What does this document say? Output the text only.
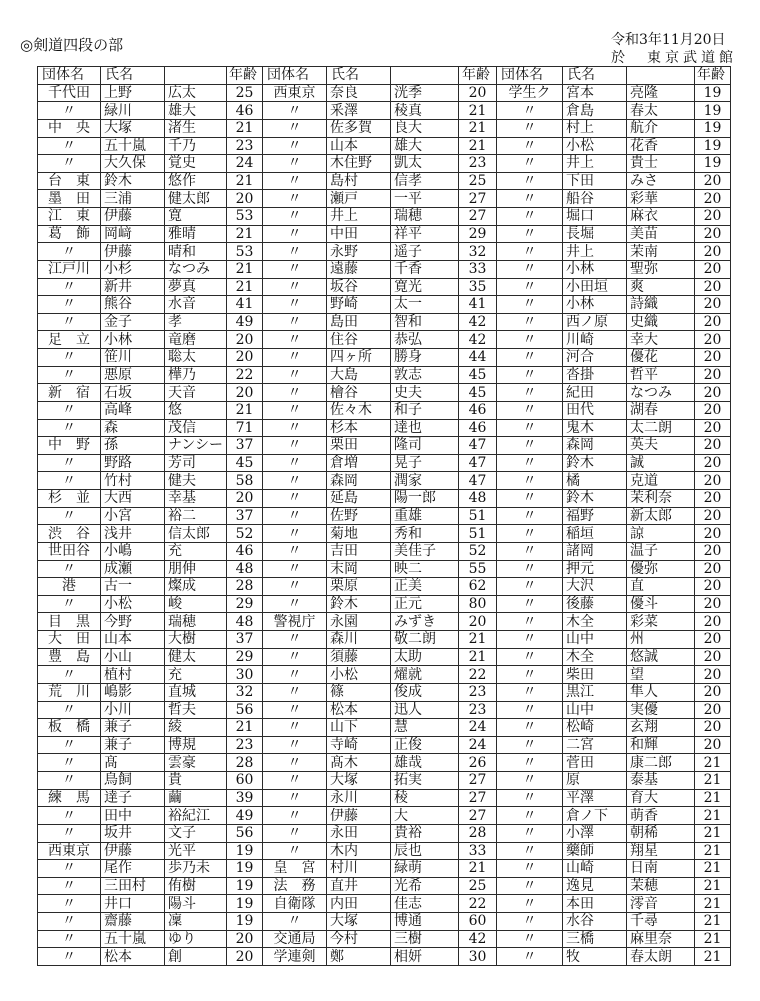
◎剣道四段の部	令和3年11月20日
於　東京武道館
団体名	氏名		年齢	団体名	氏名		年齢	団体名	氏名		年齢
千代田	上野	広太	25	西東京	奈良	洸季	20	学生ク	宮本	亮隆	19
〃	緑川	雄大	46	〃	釆澤	稜真	21	〃	倉島	春太	19
中　央	大塚	渚生	21	〃	佐多賀	良大	21	〃	村上	航介	19
〃	五十嵐	千乃	23	〃	山本	雄大	21	〃	小松	花香	19
〃	大久保	覚史	24	〃	木住野	凱太	23	〃	井上	貴士	19
台　東	鈴木	悠作	21	〃	島村	信孝	25	〃	下田	みさ	20
墨　田	三浦	健太郎	20	〃	瀬戸	一平	27	〃	船谷	彩華	20
江　東	伊藤	寛	53	〃	井上	瑞穂	27	〃	堀口	麻衣	20
葛　飾	岡﨑	雅晴	21	〃	中田	祥平	29	〃	長堀	美苗	20
〃	伊藤	晴和	53	〃	永野	遥子	32	〃	井上	茉南	20
江戸川	小杉	なつみ	21	〃	遠藤	千香	33	〃	小林	聖弥	20
〃	新井	夢真	21	〃	坂谷	寛光	35	〃	小田垣	爽	20
〃	熊谷	水音	41	〃	野崎	太一	41	〃	小林	詩織	20
〃	金子	孝	49	〃	島田	智和	42	〃	西ノ原	史織	20
足　立	小林	竜磨	20	〃	住谷	恭弘	42	〃	川崎	幸大	20
〃	笹川	聡太	20	〃	四ヶ所	勝身	44	〃	河合	優花	20
〃	悪原	樺乃	22	〃	大島	敦志	45	〃	沓掛	哲平	20
新　宿	石坂	天音	20	〃	檜谷	史夫	45	〃	紀田	なつみ	20
〃	高峰	悠	21	〃	佐々木	和子	46	〃	田代	湖春	20
〃	森	茂信	71	〃	杉本	達也	46	〃	鬼木	太二朗	20
中　野	孫	ナンシー	37	〃	栗田	隆司	47	〃	森岡	英夫	20
〃	野路	芳司	45	〃	倉増	晃子	47	〃	鈴木	誠	20
〃	竹村	健夫	58	〃	森岡	潤家	47	〃	橘	克道	20
杉　並	大西	幸基	20	〃	延島	陽一郎	48	〃	鈴木	茉利奈	20
〃	小宮	裕二	37	〃	佐野	重雄	51	〃	福野	新太郎	20
渋　谷	浅井	信太郎	52	〃	菊地	秀和	51	〃	稲垣	諒	20
世田谷	小嶋	充	46	〃	吉田	美佳子	52	〃	諸岡	温子	20
〃	成瀬	朋伸	48	〃	末岡	映二	55	〃	押元	優弥	20
港	古一	燦成	28	〃	栗原	正美	62	〃	大沢	直	20
〃	小松	峻	29	〃	鈴木	正元	80	〃	後藤	優斗	20
目　黒	今野	瑞穂	48	警視庁	永園	みずき	20	〃	木全	彩菜	20
大　田	山本	大樹	37	〃	森川	敬二朗	21	〃	山中	州	20
豊　島	小山	健太	29	〃	須藤	太助	21	〃	木全	悠誠	20
〃	植村	充	30	〃	小松	燿就	22	〃	柴田	望	20
荒　川	嶋影	直城	32	〃	篠	俊成	23	〃	黒江	隼人	20
〃	小川	哲夫	56	〃	松本	迅人	23	〃	山中	実優	20
板　橋	兼子	綾	21	〃	山下	慧	24	〃	松崎	玄翔	20
〃	兼子	博規	23	〃	寺崎	正俊	24	〃	二宮	和輝	20
〃	髙	雲豪	28	〃	髙木	雄哉	26	〃	菅田	康二郎	21
〃	鳥飼	貴	60	〃	大塚	拓実	27	〃	原	泰基	21
練　馬	達子	繭	39	〃	永川	稜	27	〃	平澤	育大	21
〃	田中	裕紀江	49	〃	伊藤	大	27	〃	倉ノ下	萌香	21
〃	坂井	文子	56	〃	永田	貴裕	28	〃	小澤	朝稀	21
西東京	伊藤	光平	19	〃	木内	辰也	33	〃	藥師	翔星	21
〃	尾作	歩乃未	19	皇　宮	村川	緑萌	21	〃	山崎	日南	21
〃	三田村	侑樹	19	法　務	直井	光希	25	〃	逸見	茉穂	21
〃	井口	陽斗	19	自衛隊	内田	佳志	22	〃	本田	澪音	21
〃	齋藤	凜	19	〃	大塚	博通	60	〃	水谷	千尋	21
〃	五十嵐	ゆり	20	交通局	今村	三樹	42	〃	三橋	麻里奈	21
〃	松本	創	20	学連剣	鄭	相妍	30	〃	牧	春太朗	21
